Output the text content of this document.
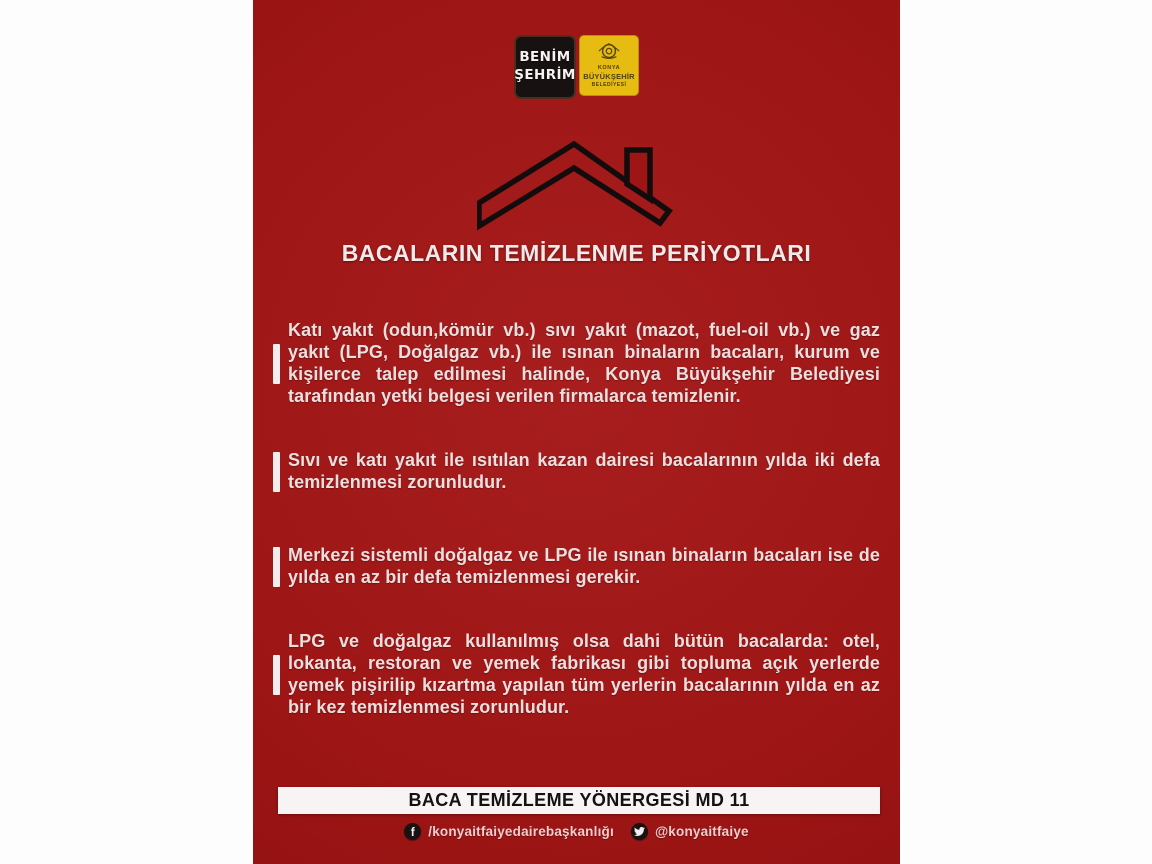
BENİM
ŞEHRİM	KONYA
BÜYÜKŞEHİR
BELEDİYESİ
BACALARIN TEMİZLENME PERİYOTLARI

Katı yakıt (odun,kömür vb.) sıvı yakıt (mazot, fuel-oil vb.) ve gaz yakıt (LPG, Doğalgaz vb.) ile ısınan binaların bacaları, kurum ve kişilerce talep edilmesi halinde, Konya Büyükşehir Belediyesi tarafından yetki belgesi verilen firmalarca temizlenir.

Sıvı ve katı yakıt ile ısıtılan kazan dairesi bacalarının yılda iki defa temizlenmesi zorunludur.

Merkezi sistemli doğalgaz ve LPG ile ısınan binaların bacaları ise de yılda en az bir defa temizlenmesi gerekir.

LPG ve doğalgaz kullanılmış olsa dahi bütün bacalarda: otel, lokanta, restoran ve yemek fabrikası gibi topluma açık yerlerde yemek pişirilip kızartma yapılan tüm yerlerin bacalarının yılda en az bir kez temizlenmesi zorunludur.

BACA TEMİZLEME YÖNERGESİ MD 11
f	/konyaitfaiyedairebaşkanlığı	@konyaitfaiye
